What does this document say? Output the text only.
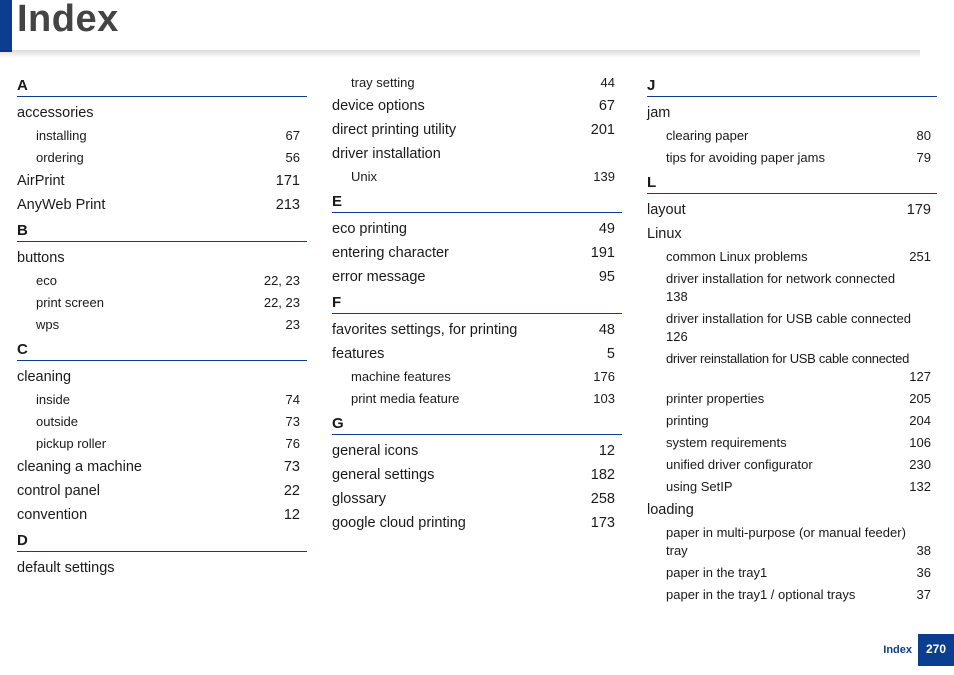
Index
A
accessories
installing	67
ordering	56
AirPrint	171
AnyWeb Print	213
B
buttons
eco	22, 23
print screen	22, 23
wps	23
C
cleaning
inside	74
outside	73
pickup roller	76
cleaning a machine	73
control panel	22
convention	12
D
default settings
tray setting	44
device options	67
direct printing utility	201
driver installation
Unix	139
E
eco printing	49
entering character	191
error message	95
F
favorites settings, for printing	48
features	5
machine features	176
print media feature	103
G
general icons	12
general settings	182
glossary	258
google cloud printing	173
J
jam
clearing paper	80
tips for avoiding paper jams	79
L
layout	179
Linux
common Linux problems	251
driver installation for network connected
138
driver installation for USB cable connected
126
driver reinstallation for USB cable connected
127
printer properties	205
printing	204
system requirements	106
unified driver configurator	230
using SetIP	132
loading
paper in multi-purpose (or manual feeder)
tray	38
paper in the tray1	36
paper in the tray1 / optional trays	37
Index	270
